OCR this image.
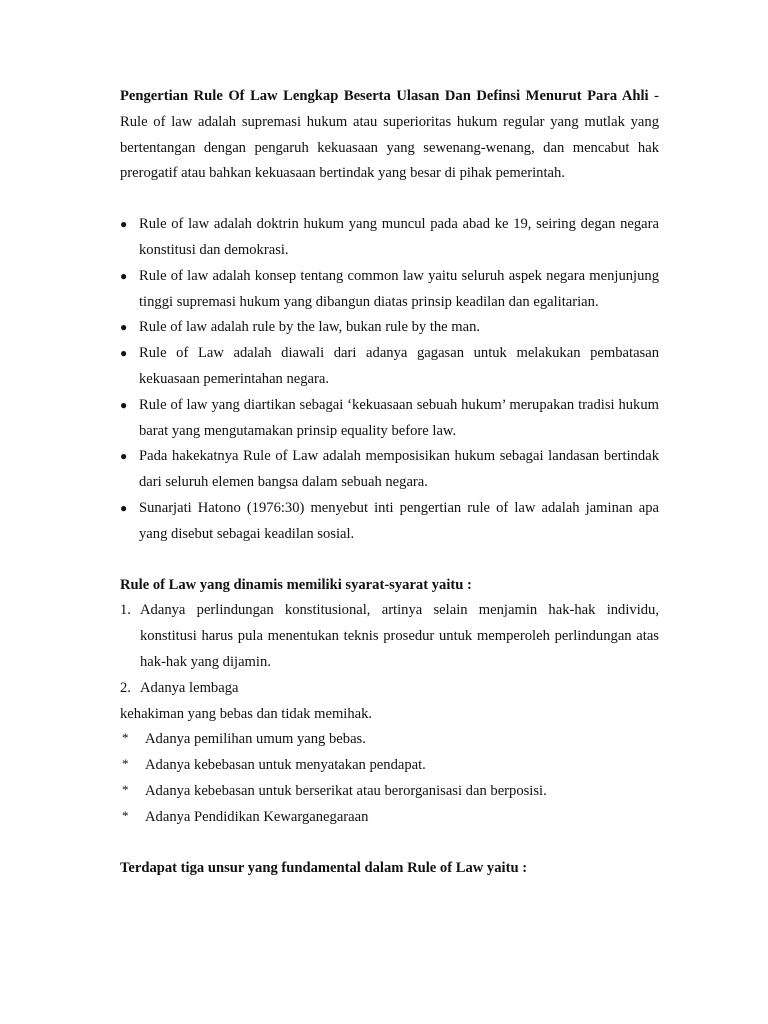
Pengertian Rule Of Law Lengkap Beserta Ulasan Dan Definsi Menurut Para Ahli - Rule of law adalah supremasi hukum atau superioritas hukum regular yang mutlak yang bertentangan dengan pengaruh kekuasaan yang sewenang-wenang, dan mencabut hak prerogatif atau bahkan kekuasaan bertindak yang besar di pihak pemerintah.

● Rule of law adalah doktrin hukum yang muncul pada abad ke 19, seiring degan negara konstitusi dan demokrasi.
● Rule of law adalah konsep tentang common law yaitu seluruh aspek negara menjunjung tinggi supremasi hukum yang dibangun diatas prinsip keadilan dan egalitarian.
● Rule of law adalah rule by the law, bukan rule by the man.
● Rule of Law adalah diawali dari adanya gagasan untuk melakukan pembatasan kekuasaan pemerintahan negara.
● Rule of law yang diartikan sebagai ‘kekuasaan sebuah hukum’ merupakan tradisi hukum barat yang mengutamakan prinsip equality before law.
● Pada hakekatnya Rule of Law adalah memposisikan hukum sebagai landasan bertindak dari seluruh elemen bangsa dalam sebuah negara.
● Sunarjati Hatono (1976:30) menyebut inti pengertian rule of law adalah jaminan apa yang disebut sebagai keadilan sosial.

Rule of Law yang dinamis memiliki syarat-syarat yaitu :

1. Adanya perlindungan konstitusional, artinya selain menjamin hak-hak individu, konstitusi harus pula menentukan teknis prosedur untuk memperoleh perlindungan atas hak-hak yang dijamin.
2. Adanya lembaga

kehakiman yang bebas dan tidak memihak.

* Adanya pemilihan umum yang bebas.
* Adanya kebebasan untuk menyatakan pendapat.
* Adanya kebebasan untuk berserikat atau berorganisasi dan berposisi.
* Adanya Pendidikan Kewarganegaraan

Terdapat tiga unsur yang fundamental dalam Rule of Law yaitu :
